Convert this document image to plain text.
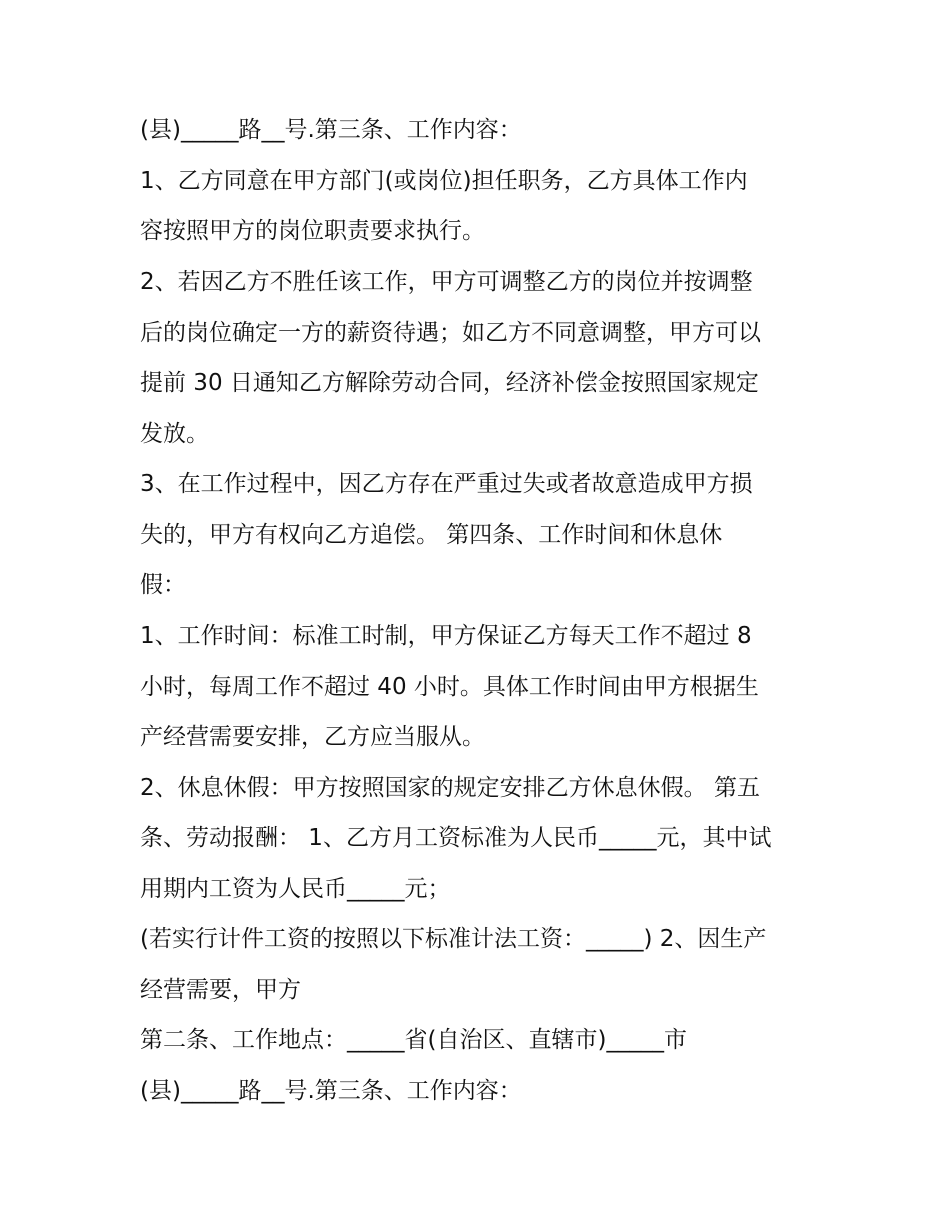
(县)_____路__号.第三条、工作内容：

1、乙方同意在甲方部门(或岗位)担任职务，乙方具体工作内

容按照甲方的岗位职责要求执行。

2、若因乙方不胜任该工作，甲方可调整乙方的岗位并按调整

后的岗位确定一方的薪资待遇；如乙方不同意调整，甲方可以

提前 30 日通知乙方解除劳动合同，经济补偿金按照国家规定

发放。

3、在工作过程中，因乙方存在严重过失或者故意造成甲方损

失的，甲方有权向乙方追偿。 第四条、工作时间和休息休

假：

1、工作时间：标准工时制，甲方保证乙方每天工作不超过 8

小时，每周工作不超过 40 小时。具体工作时间由甲方根据生

产经营需要安排，乙方应当服从。

2、休息休假：甲方按照国家的规定安排乙方休息休假。 第五

条、劳动报酬： 1、乙方月工资标准为人民币_____元，其中试

用期内工资为人民币_____元；

(若实行计件工资的按照以下标准计法工资：_____) 2、因生产

经营需要，甲方

第二条、工作地点：_____省(自治区、直辖市)_____市

(县)_____路__号.第三条、工作内容：
